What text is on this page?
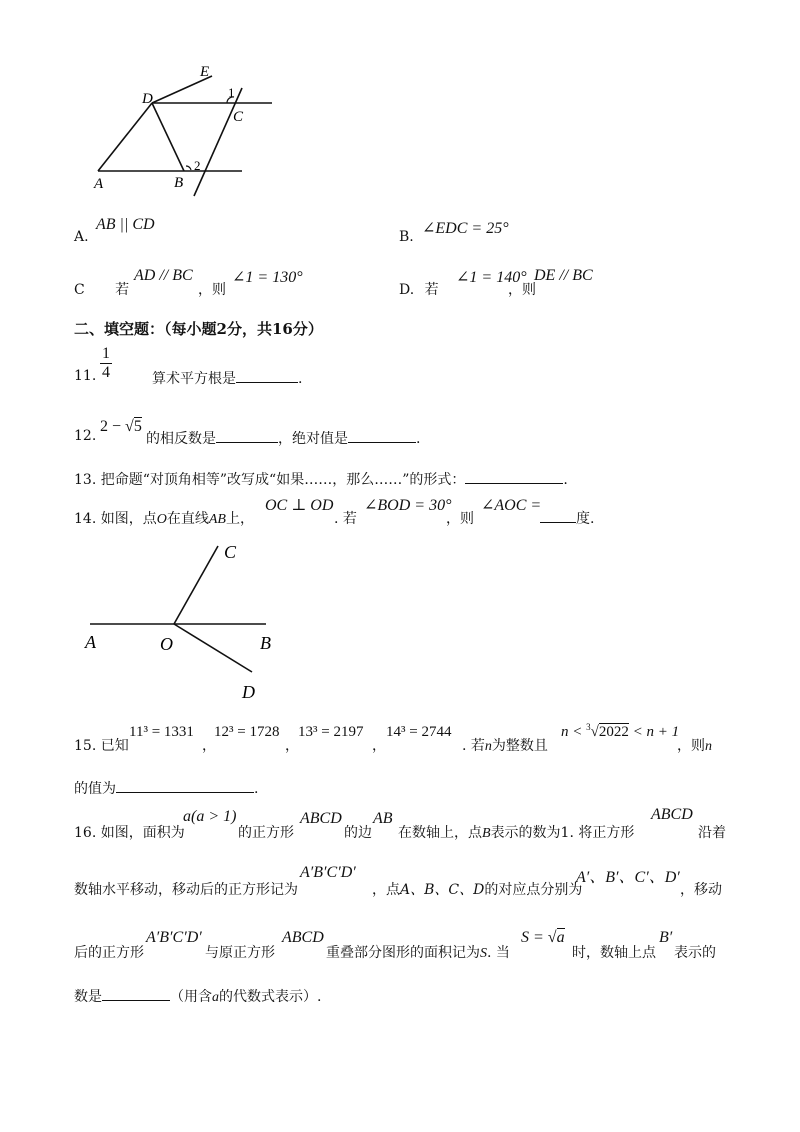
E
D	1
C
2
A	B
A.
AB || CD
B. ∠EDC = 25°
C 若
AD // BC
，则
∠1 = 130°
D. 若
∠1 = 140°
，则
DE // BC
二、填空题：（每小题2分，共16分）
11. $\frac{1}{4}$	算术平方根是	.
12.
2 − √5
的相反数是	，绝对值是	.
13. 把命题“对顶角相等”改写成“如果……，那么……”的形式：	.
14. 如图，点O在直线AB上，
OC ⊥ OD
. 若
∠BOD = 30°
，则
∠AOC =
度.
C
A	O	B
D
15. 已知
11³ = 1331
，
12³ = 1728
，
13³ = 2197
，
14³ = 2744
. 若n为整数且
n < $^3$√2022 < n + 1
，则n
的值为	.
16. 如图，面积为
a(a > 1)
的正方形
ABCD
的边
AB
在数轴上，点B表示的数为1. 将正方形
ABCD
沿着
数轴水平移动，移动后的正方形记为
A′B′C′D′
，点A、B、C、D的对应点分别为
A′、B′、C′、D′
，移动
后的正方形
A′B′C′D′
与原正方形
ABCD
重叠部分图形的面积记为S. 当
S = √a
时，数轴上点
B′
表示的
数是	（用含a的代数式表示）.
